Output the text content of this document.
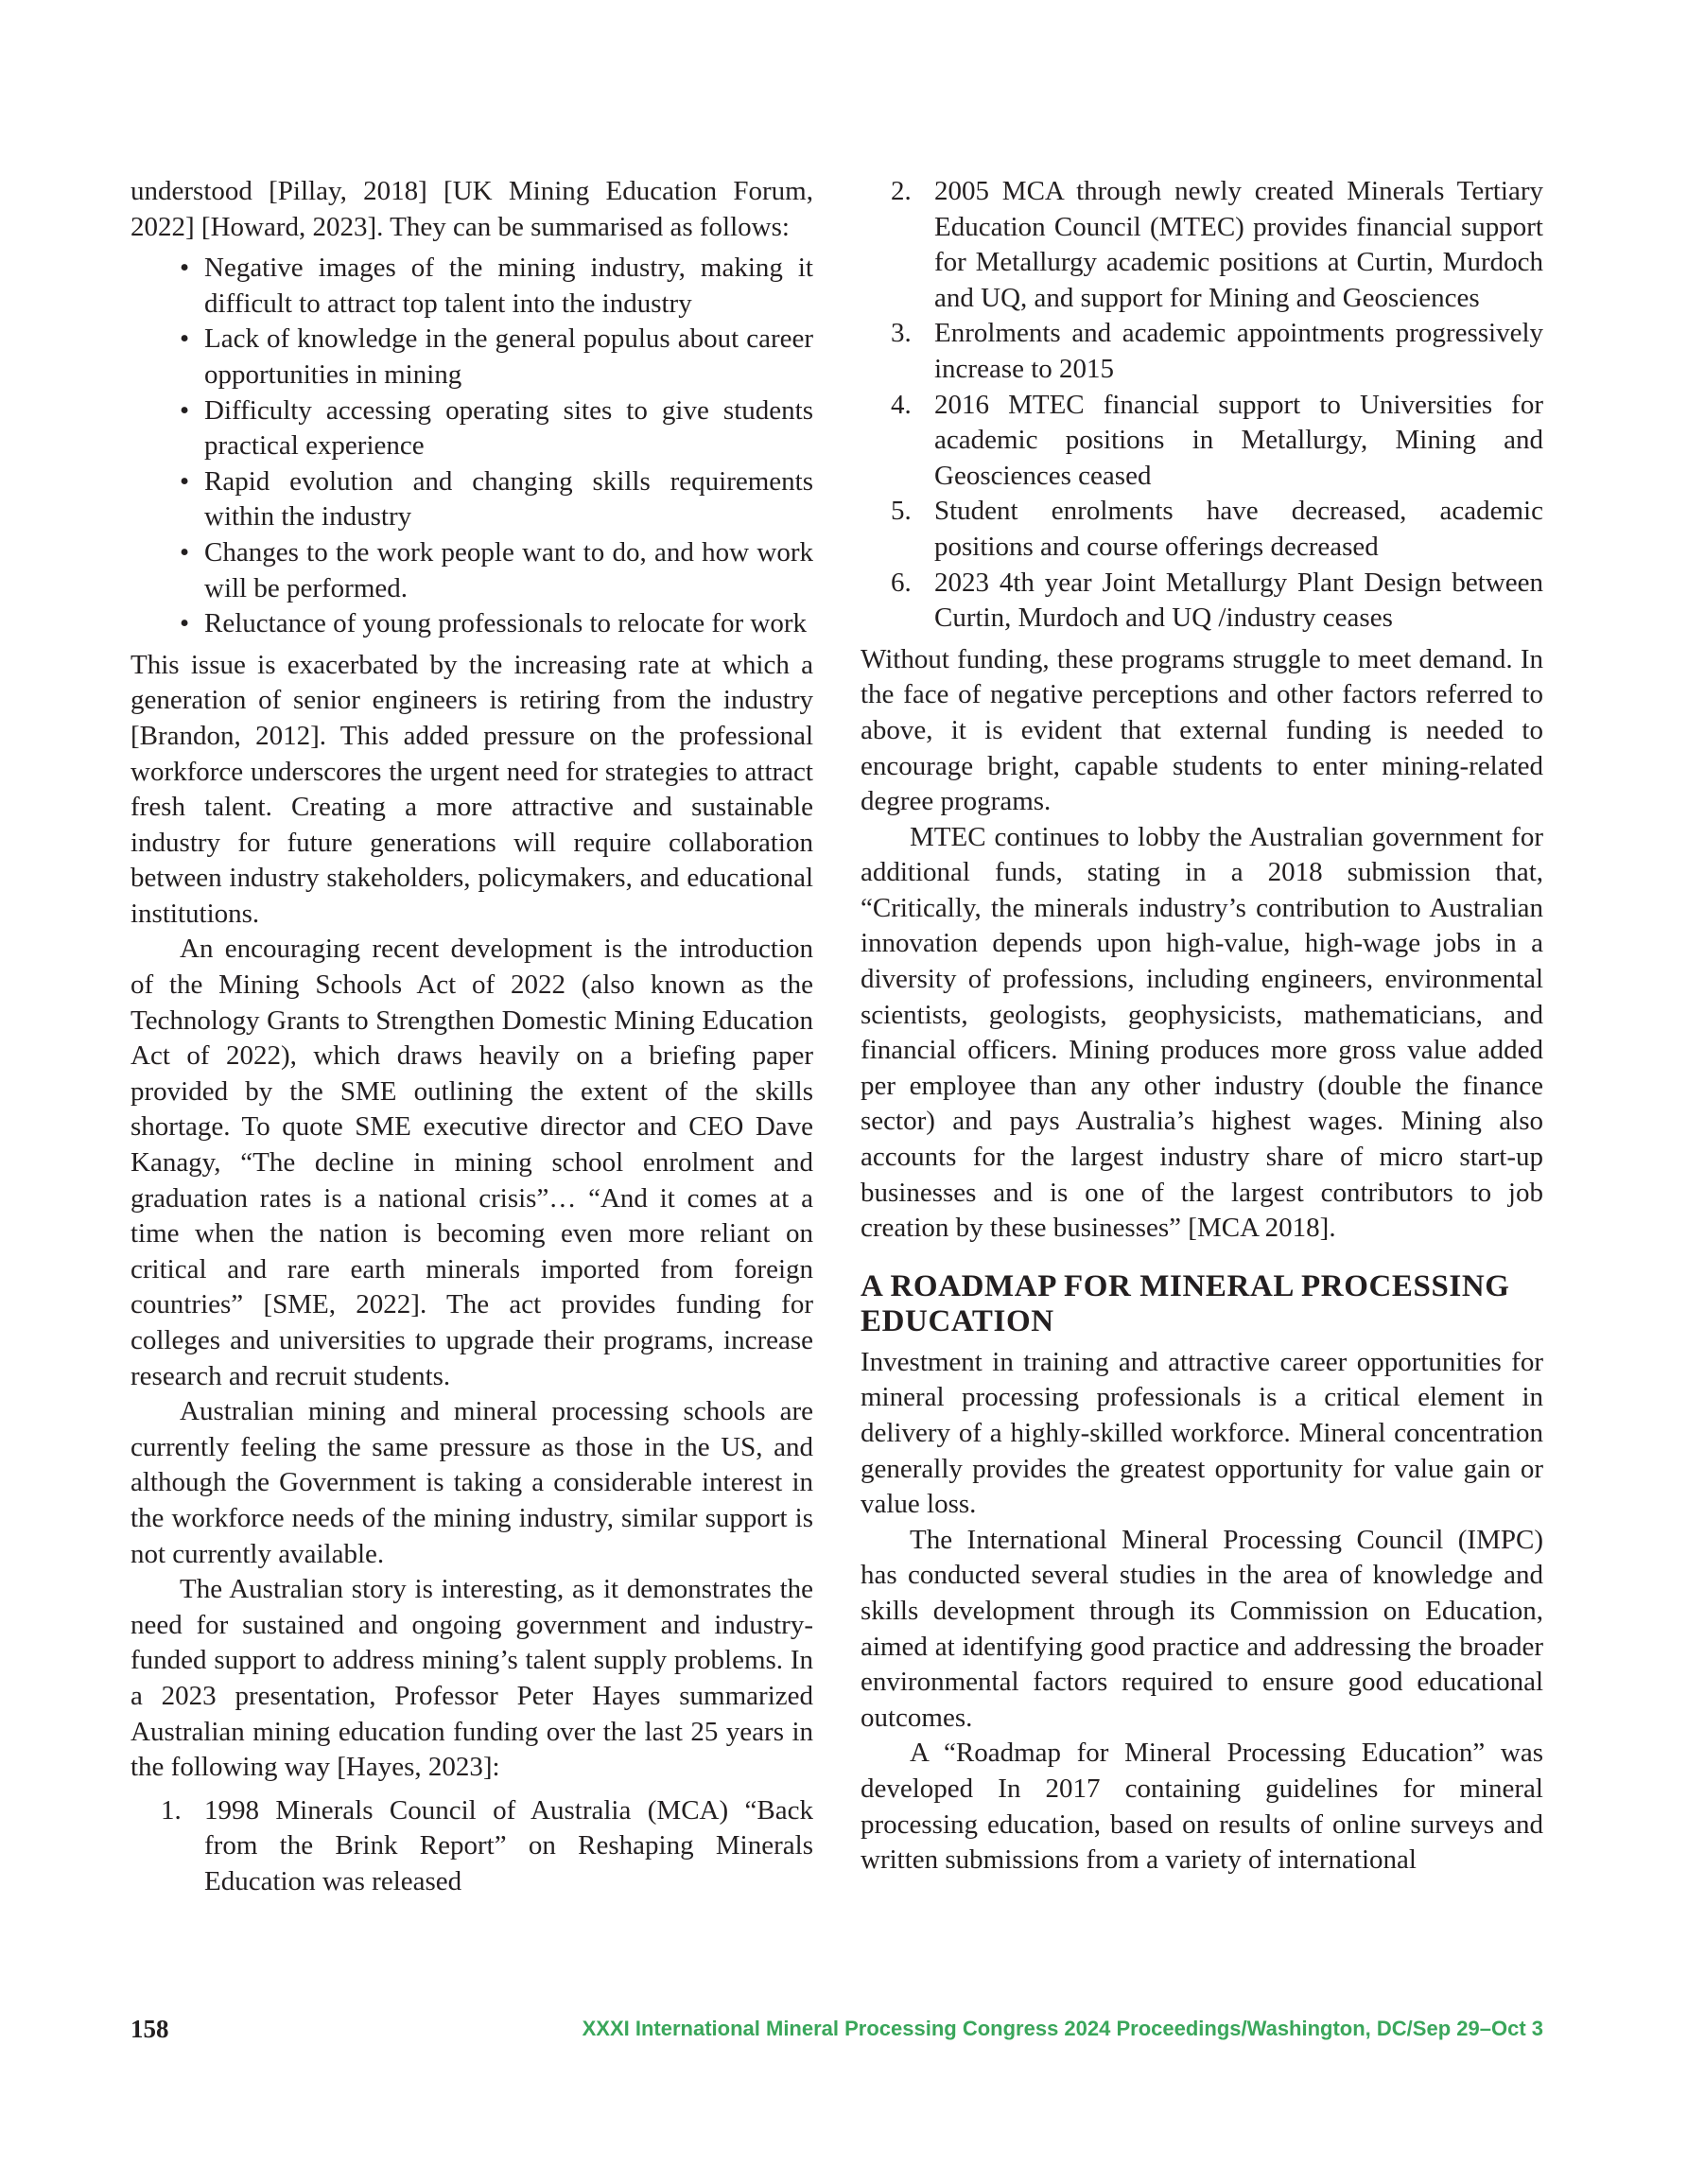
understood [Pillay, 2018] [UK Mining Education Forum, 2022] [Howard, 2023]. They can be summarised as follows:

• Negative images of the mining industry, making it difficult to attract top talent into the industry
• Lack of knowledge in the general populus about career opportunities in mining
• Difficulty accessing operating sites to give students practical experience
• Rapid evolution and changing skills requirements within the industry
• Changes to the work people want to do, and how work will be performed.
• Reluctance of young professionals to relocate for work

This issue is exacerbated by the increasing rate at which a generation of senior engineers is retiring from the industry [Brandon, 2012]. This added pressure on the professional workforce underscores the urgent need for strategies to attract fresh talent. Creating a more attractive and sustainable industry for future generations will require collaboration between industry stakeholders, policymakers, and educational institutions.

An encouraging recent development is the introduction of the Mining Schools Act of 2022 (also known as the Technology Grants to Strengthen Domestic Mining Education Act of 2022), which draws heavily on a briefing paper provided by the SME outlining the extent of the skills shortage. To quote SME executive director and CEO Dave Kanagy, “The decline in mining school enrolment and graduation rates is a national crisis”… “And it comes at a time when the nation is becoming even more reliant on critical and rare earth minerals imported from foreign countries” [SME, 2022]. The act provides funding for colleges and universities to upgrade their programs, increase research and recruit students.

Australian mining and mineral processing schools are currently feeling the same pressure as those in the US, and although the Government is taking a considerable interest in the workforce needs of the mining industry, similar support is not currently available.

The Australian story is interesting, as it demonstrates the need for sustained and ongoing government and industry-funded support to address mining’s talent supply problems. In a 2023 presentation, Professor Peter Hayes summarized Australian mining education funding over the last 25 years in the following way [Hayes, 2023]:

1. 1998 Minerals Council of Australia (MCA) “Back from the Brink Report” on Reshaping Minerals Education was released
2. 2005 MCA through newly created Minerals Tertiary Education Council (MTEC) provides financial support for Metallurgy academic positions at Curtin, Murdoch and UQ, and support for Mining and Geosciences
3. Enrolments and academic appointments progressively increase to 2015
4. 2016 MTEC financial support to Universities for academic positions in Metallurgy, Mining and Geosciences ceased
5. Student enrolments have decreased, academic positions and course offerings decreased
6. 2023 4th year Joint Metallurgy Plant Design between Curtin, Murdoch and UQ /industry ceases

Without funding, these programs struggle to meet demand. In the face of negative perceptions and other factors referred to above, it is evident that external funding is needed to encourage bright, capable students to enter mining-related degree programs.

MTEC continues to lobby the Australian government for additional funds, stating in a 2018 submission that, “Critically, the minerals industry’s contribution to Australian innovation depends upon high-value, high-wage jobs in a diversity of professions, including engineers, environmental scientists, geologists, geophysicists, mathematicians, and financial officers. Mining produces more gross value added per employee than any other industry (double the finance sector) and pays Australia’s highest wages. Mining also accounts for the largest industry share of micro start-up businesses and is one of the largest contributors to job creation by these businesses” [MCA 2018].

A ROADMAP FOR MINERAL PROCESSING EDUCATION

Investment in training and attractive career opportunities for mineral processing professionals is a critical element in delivery of a highly-skilled workforce. Mineral concentration generally provides the greatest opportunity for value gain or value loss.

The International Mineral Processing Council (IMPC) has conducted several studies in the area of knowledge and skills development through its Commission on Education, aimed at identifying good practice and addressing the broader environmental factors required to ensure good educational outcomes.

A “Roadmap for Mineral Processing Education” was developed In 2017 containing guidelines for mineral processing education, based on results of online surveys and written submissions from a variety of international

158	XXXI International Mineral Processing Congress 2024 Proceedings/Washington, DC/Sep 29–Oct 3
